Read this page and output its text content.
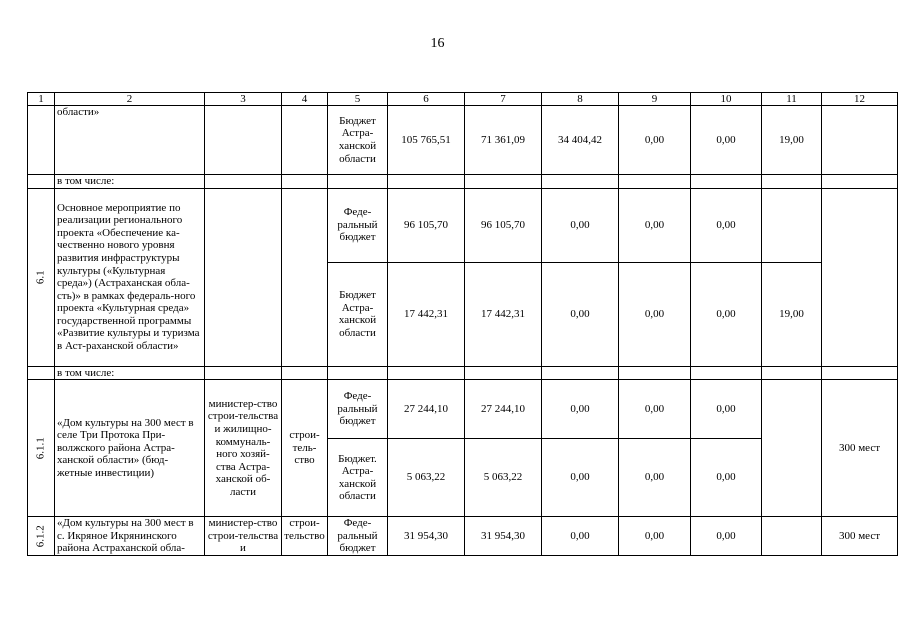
16
1	2	3	4	5	6	7	8	9	10	11	12
	области»			Бюджет Астра-ханской области	105 765,51	71 361,09	34 404,42	0,00	0,00	19,00	
	в том числе:										
6.1	Основное мероприятие по реализации регионального проекта «Обеспечение ка-чественно нового уровня развития инфраструктуры культуры («Культурная среда») (Астраханская обла-сть)» в рамках федераль-ного проекта «Культурная среда» государственной программы «Развитие культуры и туризма в Аст-раханской области»			Феде-ральный бюджет	96 105,70	96 105,70	0,00	0,00	0,00		
				Бюджет Астра-ханской области	17 442,31	17 442,31	0,00	0,00	0,00	19,00	
	в том числе:										
6.1.1	«Дом культуры на 300 мест в селе Три Протока При-волжского района Астра-ханской области» (бюд-жетные инвестиции)	министер-ство строи-тельства и жилищно-коммуналь-ного хозяй-ства Астра-ханской об-ласти	строи-тель-ство	Феде-ральный бюджет	27 244,10	27 244,10	0,00	0,00	0,00		300 мест
				Бюджет. Астра-ханской области	5 063,22	5 063,22	0,00	0,00	0,00		
6.1.2	«Дом культуры на 300 мест в с. Икряное Икрянинского района Астраханской обла-	министер-ство строи-тельства и	строи-тельство	Феде-ральный бюджет	31 954,30	31 954,30	0,00	0,00	0,00		300 мест
